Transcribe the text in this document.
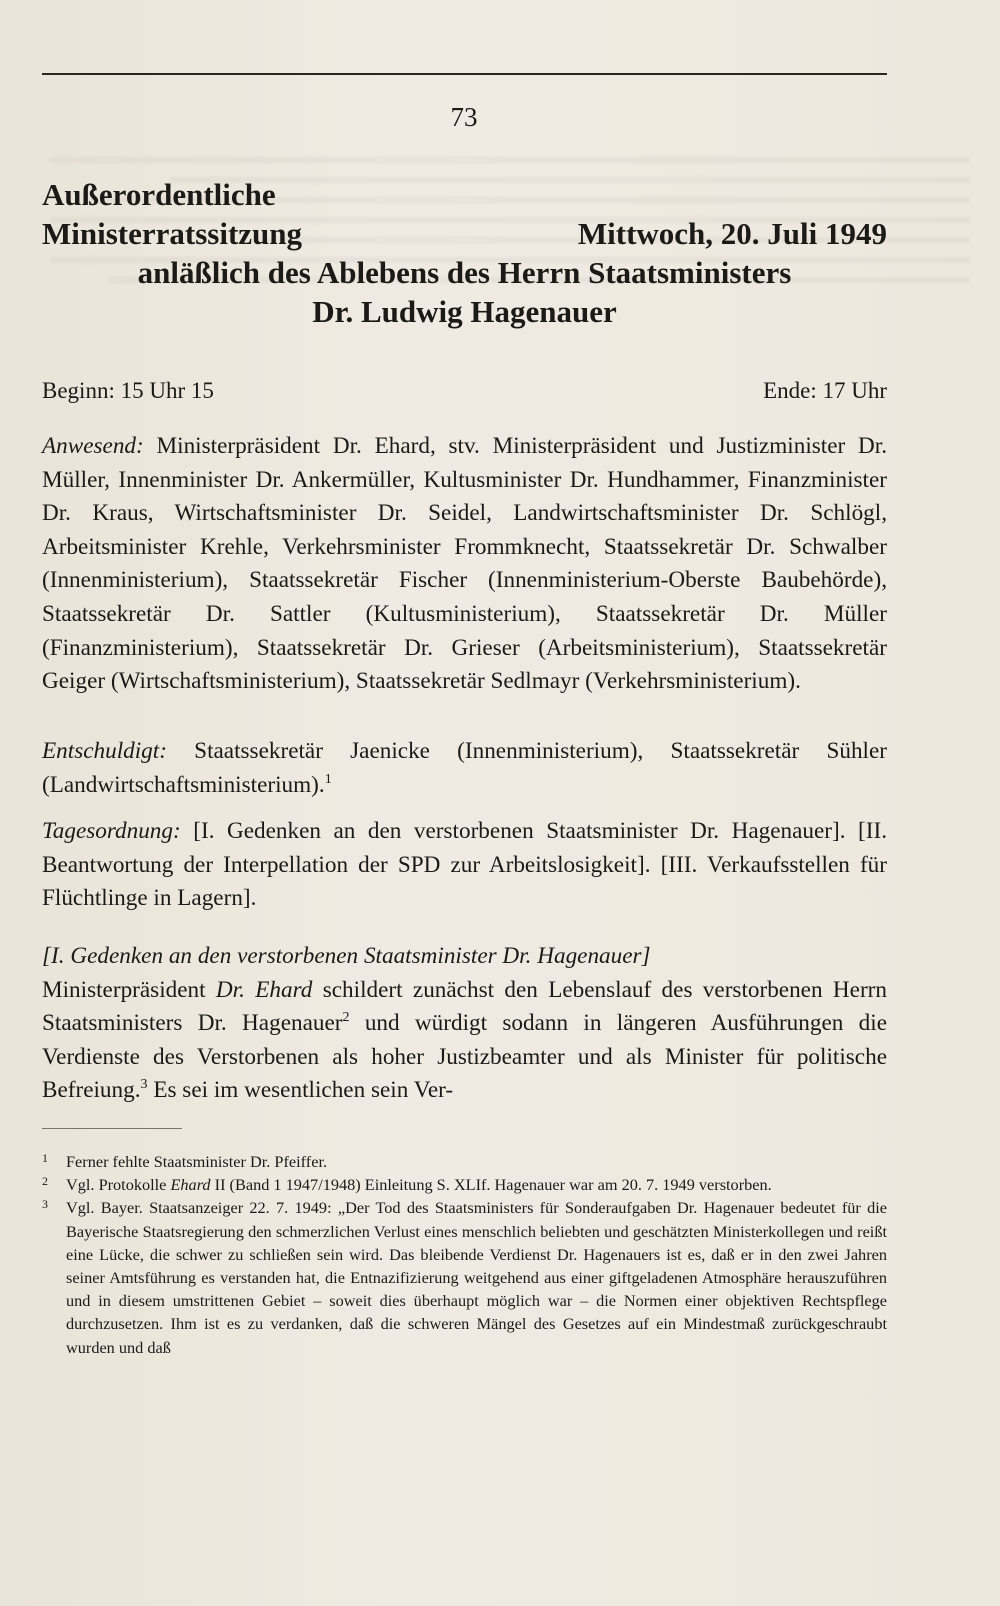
73
Außerordentliche
Ministerratssitzung	Mittwoch, 20. Juli 1949
anläßlich des Ablebens des Herrn Staatsministers
Dr. Ludwig Hagenauer
Beginn: 15 Uhr 15	Ende: 17 Uhr
Anwesend: Ministerpräsident Dr. Ehard, stv. Ministerpräsident und Justizminister Dr. Müller, Innenminister Dr. Ankermüller, Kultusminister Dr. Hundhammer, Finanzminister Dr. Kraus, Wirtschaftsminister Dr. Seidel, Landwirtschaftsminister Dr. Schlögl, Arbeitsminister Krehle, Verkehrsminister Frommknecht, Staatssekretär Dr. Schwalber (Innenministerium), Staatssekretär Fischer (Innenministerium-Oberste Baubehörde), Staatssekretär Dr. Sattler (Kultusministerium), Staatssekretär Dr. Müller (Finanzministerium), Staatssekretär Dr. Grieser (Arbeitsministerium), Staatssekretär Geiger (Wirtschaftsministerium), Staatssekretär Sedlmayr (Verkehrsministerium).
Entschuldigt: Staatssekretär Jaenicke (Innenministerium), Staatssekretär Sühler (Landwirtschaftsministerium).$^1$
Tagesordnung: [I. Gedenken an den verstorbenen Staatsminister Dr. Hagenauer]. [II. Beantwortung der Interpellation der SPD zur Arbeitslosigkeit]. [III. Verkaufsstellen für Flüchtlinge in Lagern].
[I. Gedenken an den verstorbenen Staatsminister Dr. Hagenauer]
Ministerpräsident Dr. Ehard schildert zunächst den Lebenslauf des verstorbenen Herrn Staatsministers Dr. Hagenauer$^2$ und würdigt sodann in längeren Ausführungen die Verdienste des Verstorbenen als hoher Justizbeamter und als Minister für politische Befreiung.$^3$ Es sei im wesentlichen sein Ver-
1 Ferner fehlte Staatsminister Dr. Pfeiffer.
2 Vgl. Protokolle Ehard II (Band 1 1947/1948) Einleitung S. XLIf. Hagenauer war am 20. 7. 1949 verstorben.
3 Vgl. Bayer. Staatsanzeiger 22. 7. 1949: „Der Tod des Staatsministers für Sonderaufgaben Dr. Hagenauer bedeutet für die Bayerische Staatsregierung den schmerzlichen Verlust eines menschlich beliebten und geschätzten Ministerkollegen und reißt eine Lücke, die schwer zu schließen sein wird. Das bleibende Verdienst Dr. Hagenauers ist es, daß er in den zwei Jahren seiner Amtsführung es verstanden hat, die Entnazifizierung weitgehend aus einer giftgeladenen Atmosphäre herauszuführen und in diesem umstrittenen Gebiet – soweit dies überhaupt möglich war – die Normen einer objektiven Rechtspflege durchzusetzen. Ihm ist es zu verdanken, daß die schweren Mängel des Gesetzes auf ein Mindestmaß zurückgeschraubt wurden und daß
